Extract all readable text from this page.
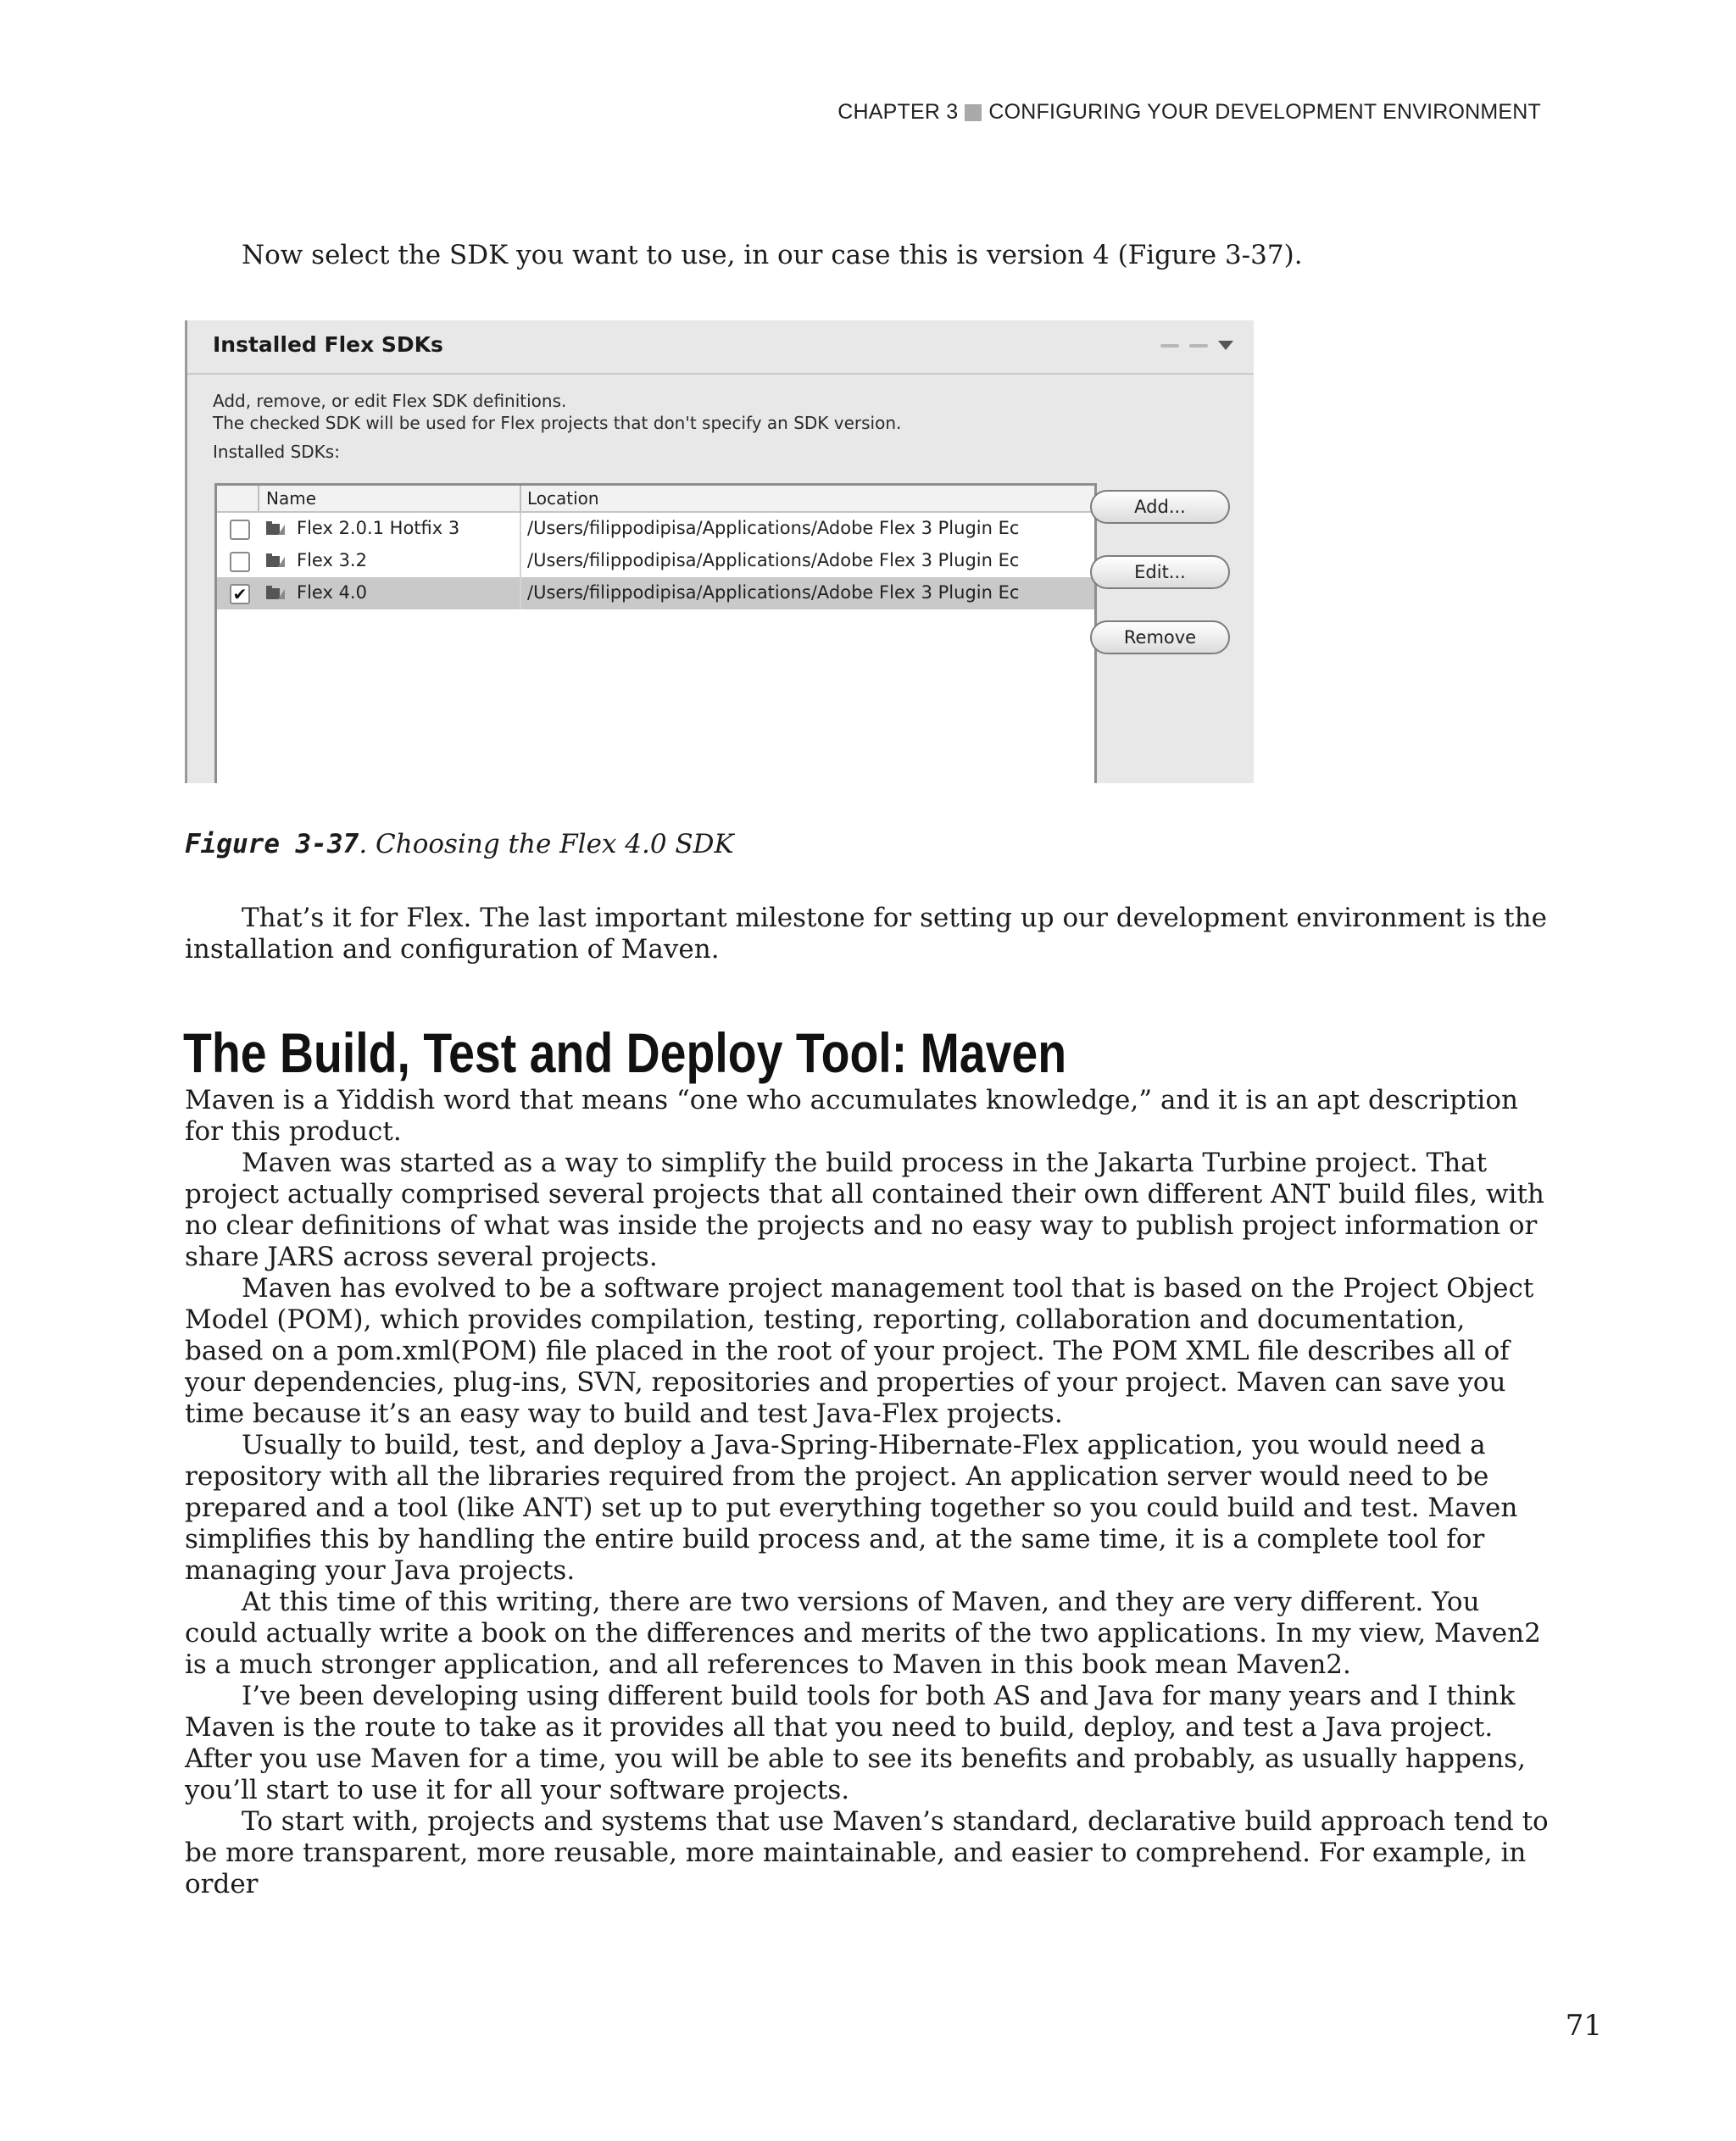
CHAPTER 3 CONFIGURING YOUR DEVELOPMENT ENVIRONMENT

Now select the SDK you want to use, in our case this is version 4 (Figure 3-37).

Installed Flex SDKs
Add, remove, or edit Flex SDK definitions.
The checked SDK will be used for Flex projects that don't specify an SDK version.
Installed SDKs:
Name	Location
Flex 2.0.1 Hotfix 3	/Users/filippodipisa/Applications/Adobe Flex 3 Plugin Ec
Flex 3.2	/Users/filippodipisa/Applications/Adobe Flex 3 Plugin Ec
✔	Flex 4.0	/Users/filippodipisa/Applications/Adobe Flex 3 Plugin Ec
Add...
Edit...
Remove
Figure 3-37. Choosing the Flex 4.0 SDK

That’s it for Flex. The last important milestone for setting up our development environment is the installation and configuration of Maven.

The Build, Test and Deploy Tool: Maven

Maven is a Yiddish word that means “one who accumulates knowledge,” and it is an apt description for this product.

Maven was started as a way to simplify the build process in the Jakarta Turbine project. That project actually comprised several projects that all contained their own different ANT build files, with no clear definitions of what was inside the projects and no easy way to publish project information or share JARS across several projects.

Maven has evolved to be a software project management tool that is based on the Project Object Model (POM), which provides compilation, testing, reporting, collaboration and documentation, based on a pom.xml(POM) file placed in the root of your project. The POM XML file describes all of your dependencies, plug-ins, SVN, repositories and properties of your project. Maven can save you time because it’s an easy way to build and test Java-Flex projects.

Usually to build, test, and deploy a Java-Spring-Hibernate-Flex application, you would need a repository with all the libraries required from the project. An application server would need to be prepared and a tool (like ANT) set up to put everything together so you could build and test. Maven simplifies this by handling the entire build process and, at the same time, it is a complete tool for managing your Java projects.

At this time of this writing, there are two versions of Maven, and they are very different. You could actually write a book on the differences and merits of the two applications. In my view, Maven2 is a much stronger application, and all references to Maven in this book mean Maven2.

I’ve been developing using different build tools for both AS and Java for many years and I think Maven is the route to take as it provides all that you need to build, deploy, and test a Java project. After you use Maven for a time, you will be able to see its benefits and probably, as usually happens, you’ll start to use it for all your software projects.

To start with, projects and systems that use Maven’s standard, declarative build approach tend to be more transparent, more reusable, more maintainable, and easier to comprehend. For example, in order

71
